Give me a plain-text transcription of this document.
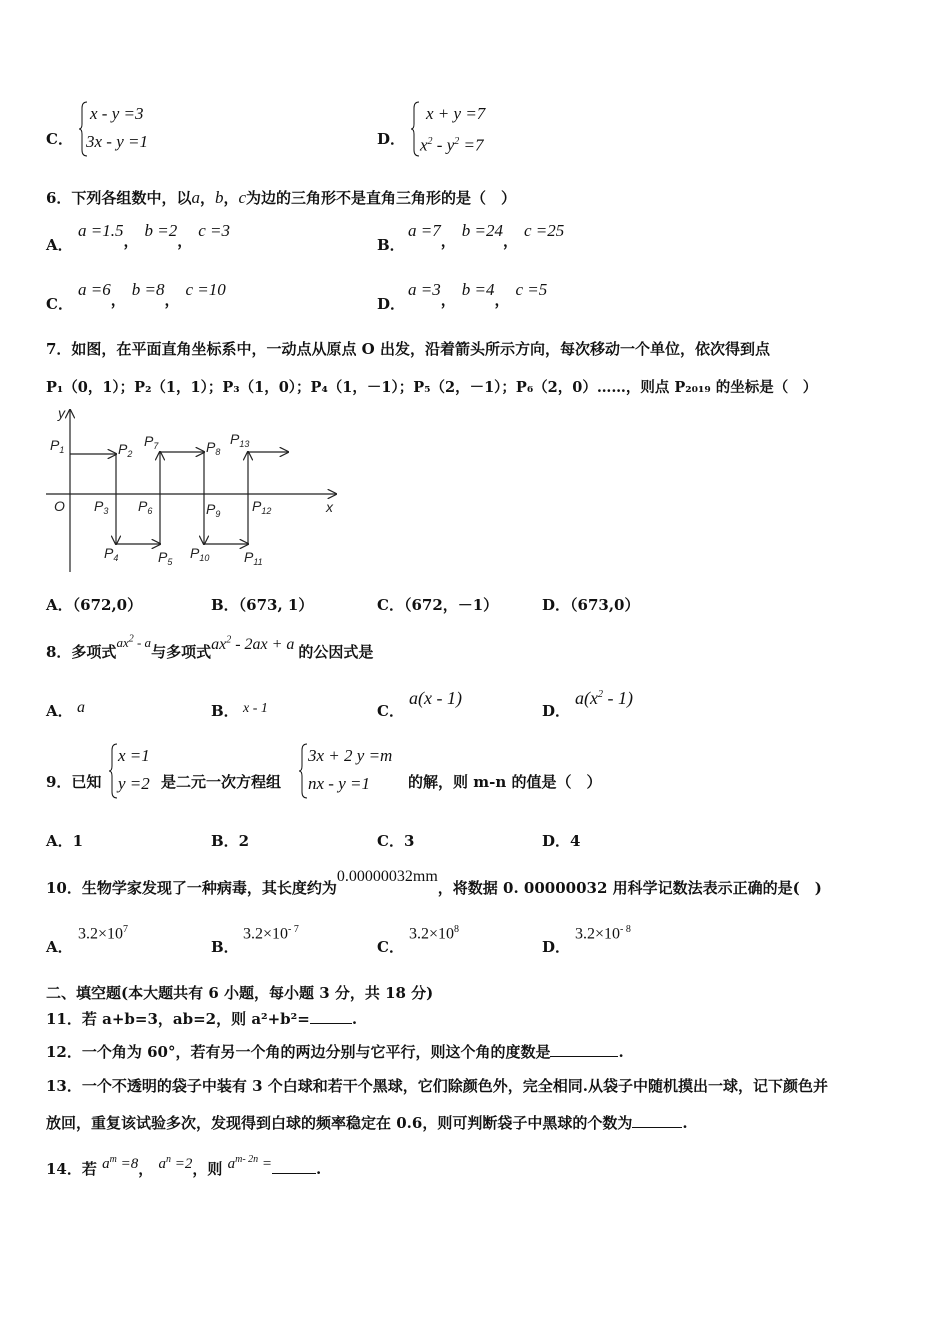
C．
x - y =3
3x - y =1	D．
x + y =7
$x^2 - y^2 =7$
6．下列各组数中，以a，b，c为边的三角形不是直角三角形的是（　）
A．
a =1.5，b =2，c =3
B．
a =7，b =24，c =25
C．
a =6，b =8，c =10
D．
a =3，b =4，c =5
7．如图，在平面直角坐标系中，一动点从原点 O 出发，沿着箭头所示方向，每次移动一个单位，依次得到点
P₁（0，1）；P₂（1，1）；P₃（1，0）；P₄（1，－1）；P₅（2，－1）；P₆（2，0）……，则点 P₂₀₁₉ 的坐标是（　）
y
x
O
$P_1$	$P_2$
$P_3$
$P_4$	$P_5$
$P_6$
$P_7$	$P_8$
$P_9$
$P_{10}$ $P_{11}$
$P_{12}$
$P_{13}$
A．（672,0）	B．（673, 1）	C．（672，－1）	D．（673,0）
8．多项式$ax^2$ - a与多项式$ax^2 - 2ax + a$ 的公因式是
A． a	B． x - 1	C．
a(x - 1)
D．
$a(x^2 - 1)$
9．已知
x =1
y =2 是二元一次方程组
3x + 2 y =m
nx - y =1	的解，则 m-n 的值是（　）
A．1	B．2	C．3	D．4
10．生物学家发现了一种病毒，其长度约为0.00000032mm，将数据 0. 00000032 用科学记数法表示正确的是(　)
A．
$3.2\times 10^7$
B．
$3.2\times 10^{- 7}$
C．
$3.2\times 10^8$
D．
$3.2\times 10^{- 8}$
二、填空题(本大题共有 6 小题，每小题 3 分，共 18 分)
11．若 a+b=3，ab=2，则 a²+b²=	.
12．一个角为 60°，若有另一个角的两边分别与它平行，则这个角的度数是	.
13．一个不透明的袋子中装有 3 个白球和若干个黑球，它们除颜色外，完全相同.从袋子中随机摸出一球，记下颜色并
放回，重复该试验多次，发现得到白球的频率稳定在 0.6，则可判断袋子中黑球的个数为	.
14．若 $a^m =8$， $a^n =2$，则 $a^{m- 2n}$ =	.
